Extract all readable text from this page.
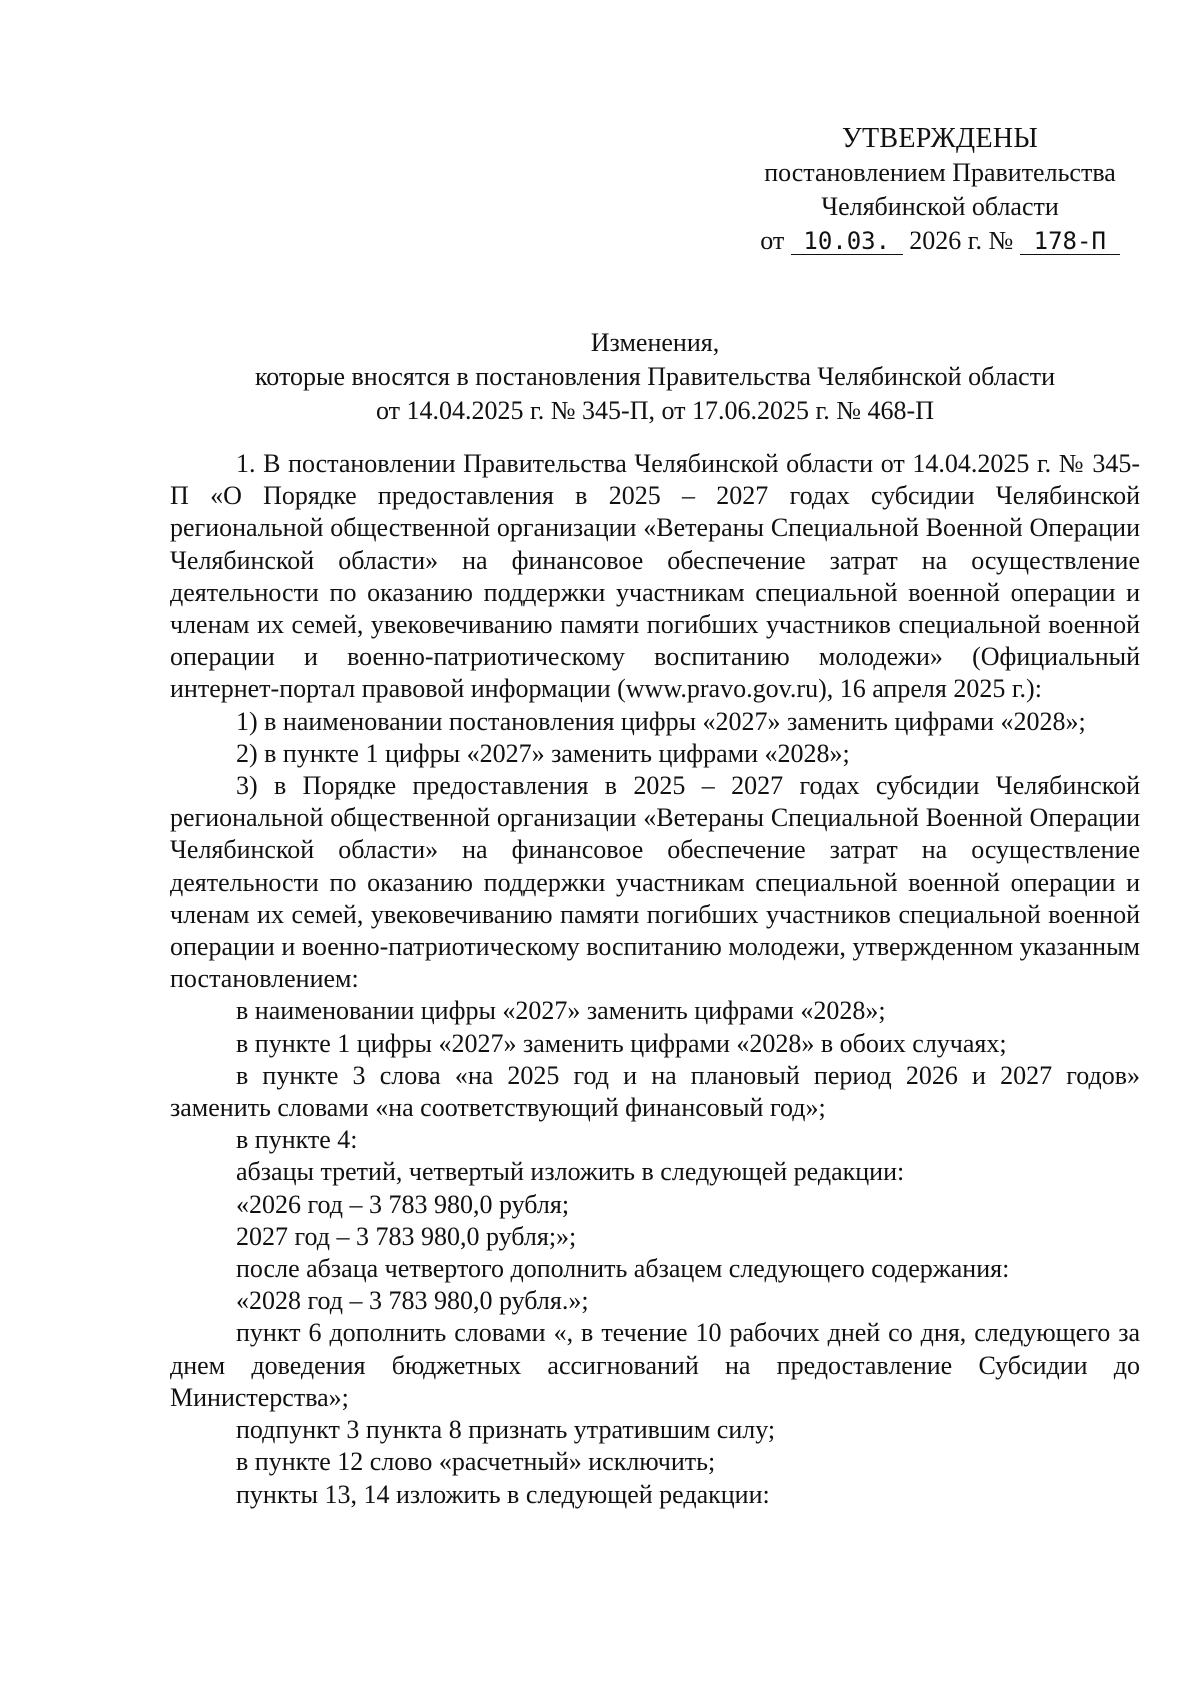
УТВЕРЖДЕНЫ
постановлением Правительства
Челябинской области
от 10.03. 2026 г. № 178-П
Изменения,
которые вносятся в постановления Правительства Челябинской области
от 14.04.2025 г. № 345-П, от 17.06.2025 г. № 468-П

1. В постановлении Правительства Челябинской области от 14.04.2025 г. № 345-П «О Порядке предоставления в 2025 – 2027 годах субсидии Челябинской региональной общественной организации «Ветераны Специальной Военной Операции Челябинской области» на финансовое обеспечение затрат на осуществление деятельности по оказанию поддержки участникам специальной военной операции и членам их семей, увековечиванию памяти погибших участников специальной военной операции и военно-патриотическому воспитанию молодежи» (Официальный интернет-портал правовой информации (www.pravo.gov.ru), 16 апреля 2025 г.):

1) в наименовании постановления цифры «2027» заменить цифрами «2028»;

2) в пункте 1 цифры «2027» заменить цифрами «2028»;

3) в Порядке предоставления в 2025 – 2027 годах субсидии Челябинской региональной общественной организации «Ветераны Специальной Военной Операции Челябинской области» на финансовое обеспечение затрат на осуществление деятельности по оказанию поддержки участникам специальной военной операции и членам их семей, увековечиванию памяти погибших участников специальной военной операции и военно-патриотическому воспитанию молодежи, утвержденном указанным постановлением:

в наименовании цифры «2027» заменить цифрами «2028»;

в пункте 1 цифры «2027» заменить цифрами «2028» в обоих случаях;

в пункте 3 слова «на 2025 год и на плановый период 2026 и 2027 годов» заменить словами «на соответствующий финансовый год»;

в пункте 4:

абзацы третий, четвертый изложить в следующей редакции:

«2026 год – 3 783 980,0 рубля;

2027 год – 3 783 980,0 рубля;»;

после абзаца четвертого дополнить абзацем следующего содержания:

«2028 год – 3 783 980,0 рубля.»;

пункт 6 дополнить словами «, в течение 10 рабочих дней со дня, следующего за днем доведения бюджетных ассигнований на предоставление Субсидии до Министерства»;

подпункт 3 пункта 8 признать утратившим силу;

в пункте 12 слово «расчетный» исключить;

пункты 13, 14 изложить в следующей редакции:
